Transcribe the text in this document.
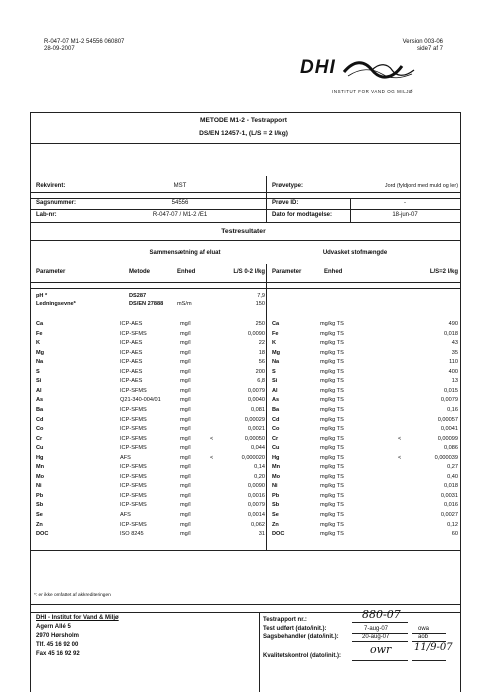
R-047-07 M1-2 54556 060807
28-09-2007
Version 003-06
side7 af 7
DHI
INSTITUT FOR VAND OG MILJØ
METODE M1-2 - Testrapport
DS/EN 12457-1, (L/S = 2 l/kg)
Rekvirent:	MST	Prøvetype:	Jord (fyldjord med muld og ler)
Sagsnummer:	54556	Prøve ID:	-
Lab-nr:	R-047-07 / M1-2 /E1	Dato for modtagelse:	18-jun-07
Testresultater
Sammensætning af eluat	Udvasket stofmængde
Parameter	Metode	Enhed	L/S 0-2 l/kg Parameter	Enhed	L/S=2 l/kg
pH *	DS287	7,9
Ledningsevne*	DS/EN 27888 mS/m	150
Ca	ICP-AES	mg/l	250 Ca	mg/kg TS	490
Fe	ICP-SFMS	mg/l	0,0090 Fe	mg/kg TS	0,018
K	ICP-AES	mg/l	22 K	mg/kg TS	43
Mg	ICP-AES	mg/l	18 Mg	mg/kg TS	35
Na	ICP-AES	mg/l	56 Na	mg/kg TS	110
S	ICP-AES	mg/l	200 S	mg/kg TS	400
Si	ICP-AES	mg/l	6,8 Si	mg/kg TS	13
Al	ICP-SFMS	mg/l	0,0079 Al	mg/kg TS	0,015
As	Q21-340-004/01	mg/l	0,0040 As	mg/kg TS	0,0079
Ba	ICP-SFMS	mg/l	0,081 Ba	mg/kg TS	0,16
Cd	ICP-SFMS	mg/l	0,00029 Cd	mg/kg TS	0,00057
Co	ICP-SFMS	mg/l	0,0021 Co	mg/kg TS	0,0041
Cr	ICP-SFMS	mg/l	<	0,00050 Cr	mg/kg TS	<	0,00099
Cu	ICP-SFMS	mg/l	0,044 Cu	mg/kg TS	0,086
Hg	AFS	mg/l	<	0,000020 Hg	mg/kg TS	<	0,000039
Mn	ICP-SFMS	mg/l	0,14 Mn	mg/kg TS	0,27
Mo	ICP-SFMS	mg/l	0,20 Mo	mg/kg TS	0,40
Ni	ICP-SFMS	mg/l	0,0090 Ni	mg/kg TS	0,018
Pb	ICP-SFMS	mg/l	0,0016 Pb	mg/kg TS	0,0031
Sb	ICP-SFMS	mg/l	0,0079 Sb	mg/kg TS	0,016
Se	AFS	mg/l	0,0014 Se	mg/kg TS	0,0027
Zn	ICP-SFMS	mg/l	0,062 Zn	mg/kg TS	0,12
DOC	ISO 8245	mg/l	31 DOC	mg/kg TS	60
*: er ikke omfattet af akkrediteringen
DHI - Institut for Vand & Miljø
Agern Allé 5
2970 Hørsholm
Tlf. 45 16 92 00
Fax 45 16 92 92
Testrapport nr.:	880-07
Test udført (dato/init.):	7-aug-07	owa
Sagsbehandler (dato/init.):	20-aug-07	aob
Kvalitetskontrol (dato/init.):	owr 11/9-07
